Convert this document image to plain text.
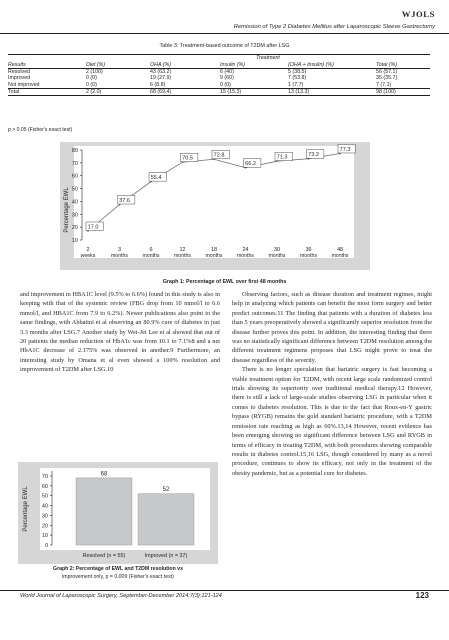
WJOLS
Remission of Type 2 Diabetes Mellitus after Laparoscopic Sleeve Gastrectomy
Table 3: Treatment-based outcome of T2DM after LSG
Treatment					
Results	Diet (%)	OHA (%)	Insulin (%)	(OHA + Insulin) (%)	Total (%)
Resolved	2 (100)	43 (63.2)	6 (40)	5 (38.5)	56 (57.1)
Improved	0 (0)	19 (27.9)	9 (60)	7 (53.8)	35 (35.7)
Not improved	0 (0)	6 (8.8)	0 (0)	1 (7.7)	7 (7.1)
Total	2 (2.0)	68 (69.4)	15 (15.3)	13 (13.3)	98 (100)
p > 0.05 (Fisher's exact test)
Percentage EWL
10
20
30
40
50
60
70
80
2
weeks
3
months
6
months
12
months
18
months
24
months
30
months
36
months
48
months
17.0
37.6
55.4
70.5	72.8
66.2
71.3	73.2
77.3
Graph 1: Percentage of EWL over first 48 months

and improvement in HBA1C level (9.5% to 6.6%) found in this study is also in keeping with that of the systemic review (FBG drop from 10 mmol/l to 6.6 mmol/l, and HBA1C from 7.9 to 6.2%). Newer publications also point to the same findings, with Abbatini et al observing an 80.9% cure of diabetes in just 3.3 months after LSG.7 Another study by Wei-Jei Lee et al showed that out of 20 patients the median reduction of HbA1c was from 10.1 to 7.1%8 and a net HbA1C decrease of 2.175% was observed in another.9 Furthermore, an interesting study by Omana et al even showed a 100% resolution and improvement of T2DM after LSG.10

Observing factors, such as disease duration and treatment regimes, might help in analyzing which patients can benefit the most form surgery and better predict outcomes.11 The finding that patients with a duration of diabetes less than 5 years preoperatively showed a significantly superior resolution from the disease further proves this point. In addition, the interesting finding that there was no statistically significant difference between T2DM resolution among the different treatment regimens proposes that LSG might prove to treat the disease regardless of the severity.

There is no longer speculation that bariatric surgery is fast becoming a viable treatment option for T2DM, with recent large scale randomized control trials showing its superiority over traditional medical therapy.12 However, there is still a lack of large-scale studies observing LSG in particular when it comes to diabetes resolution. This is due to the fact that Roux-en-Y gastric bypass (RYGB) remains the gold standard bariatric procedure, with a T2DM remission rate reaching as high as 60%.13,14 However, recent evidence has been emerging showing no significant difference between LSG and RYGB in terms of efficacy in treating T2DM, with both procedures showing comparable results in diabetes control.15,16 LSG, though considered by many as a novel procedure, continues to show its efficacy, not only in the treatment of the obesity pandemic, but as a potential cure for diabetes.

Percentage EWL
0
10
20
30
40
50
60
70
Resolved (n = 55)	Improved (n = 37)
68
52
Graph 2: Percentage of EWL and T2DM resolution vs
improvement only, p = 0.009 (Fisher's exact test)
World Journal of Laparoscopic Surgery, September-December 2014;7(3):121-124	123
